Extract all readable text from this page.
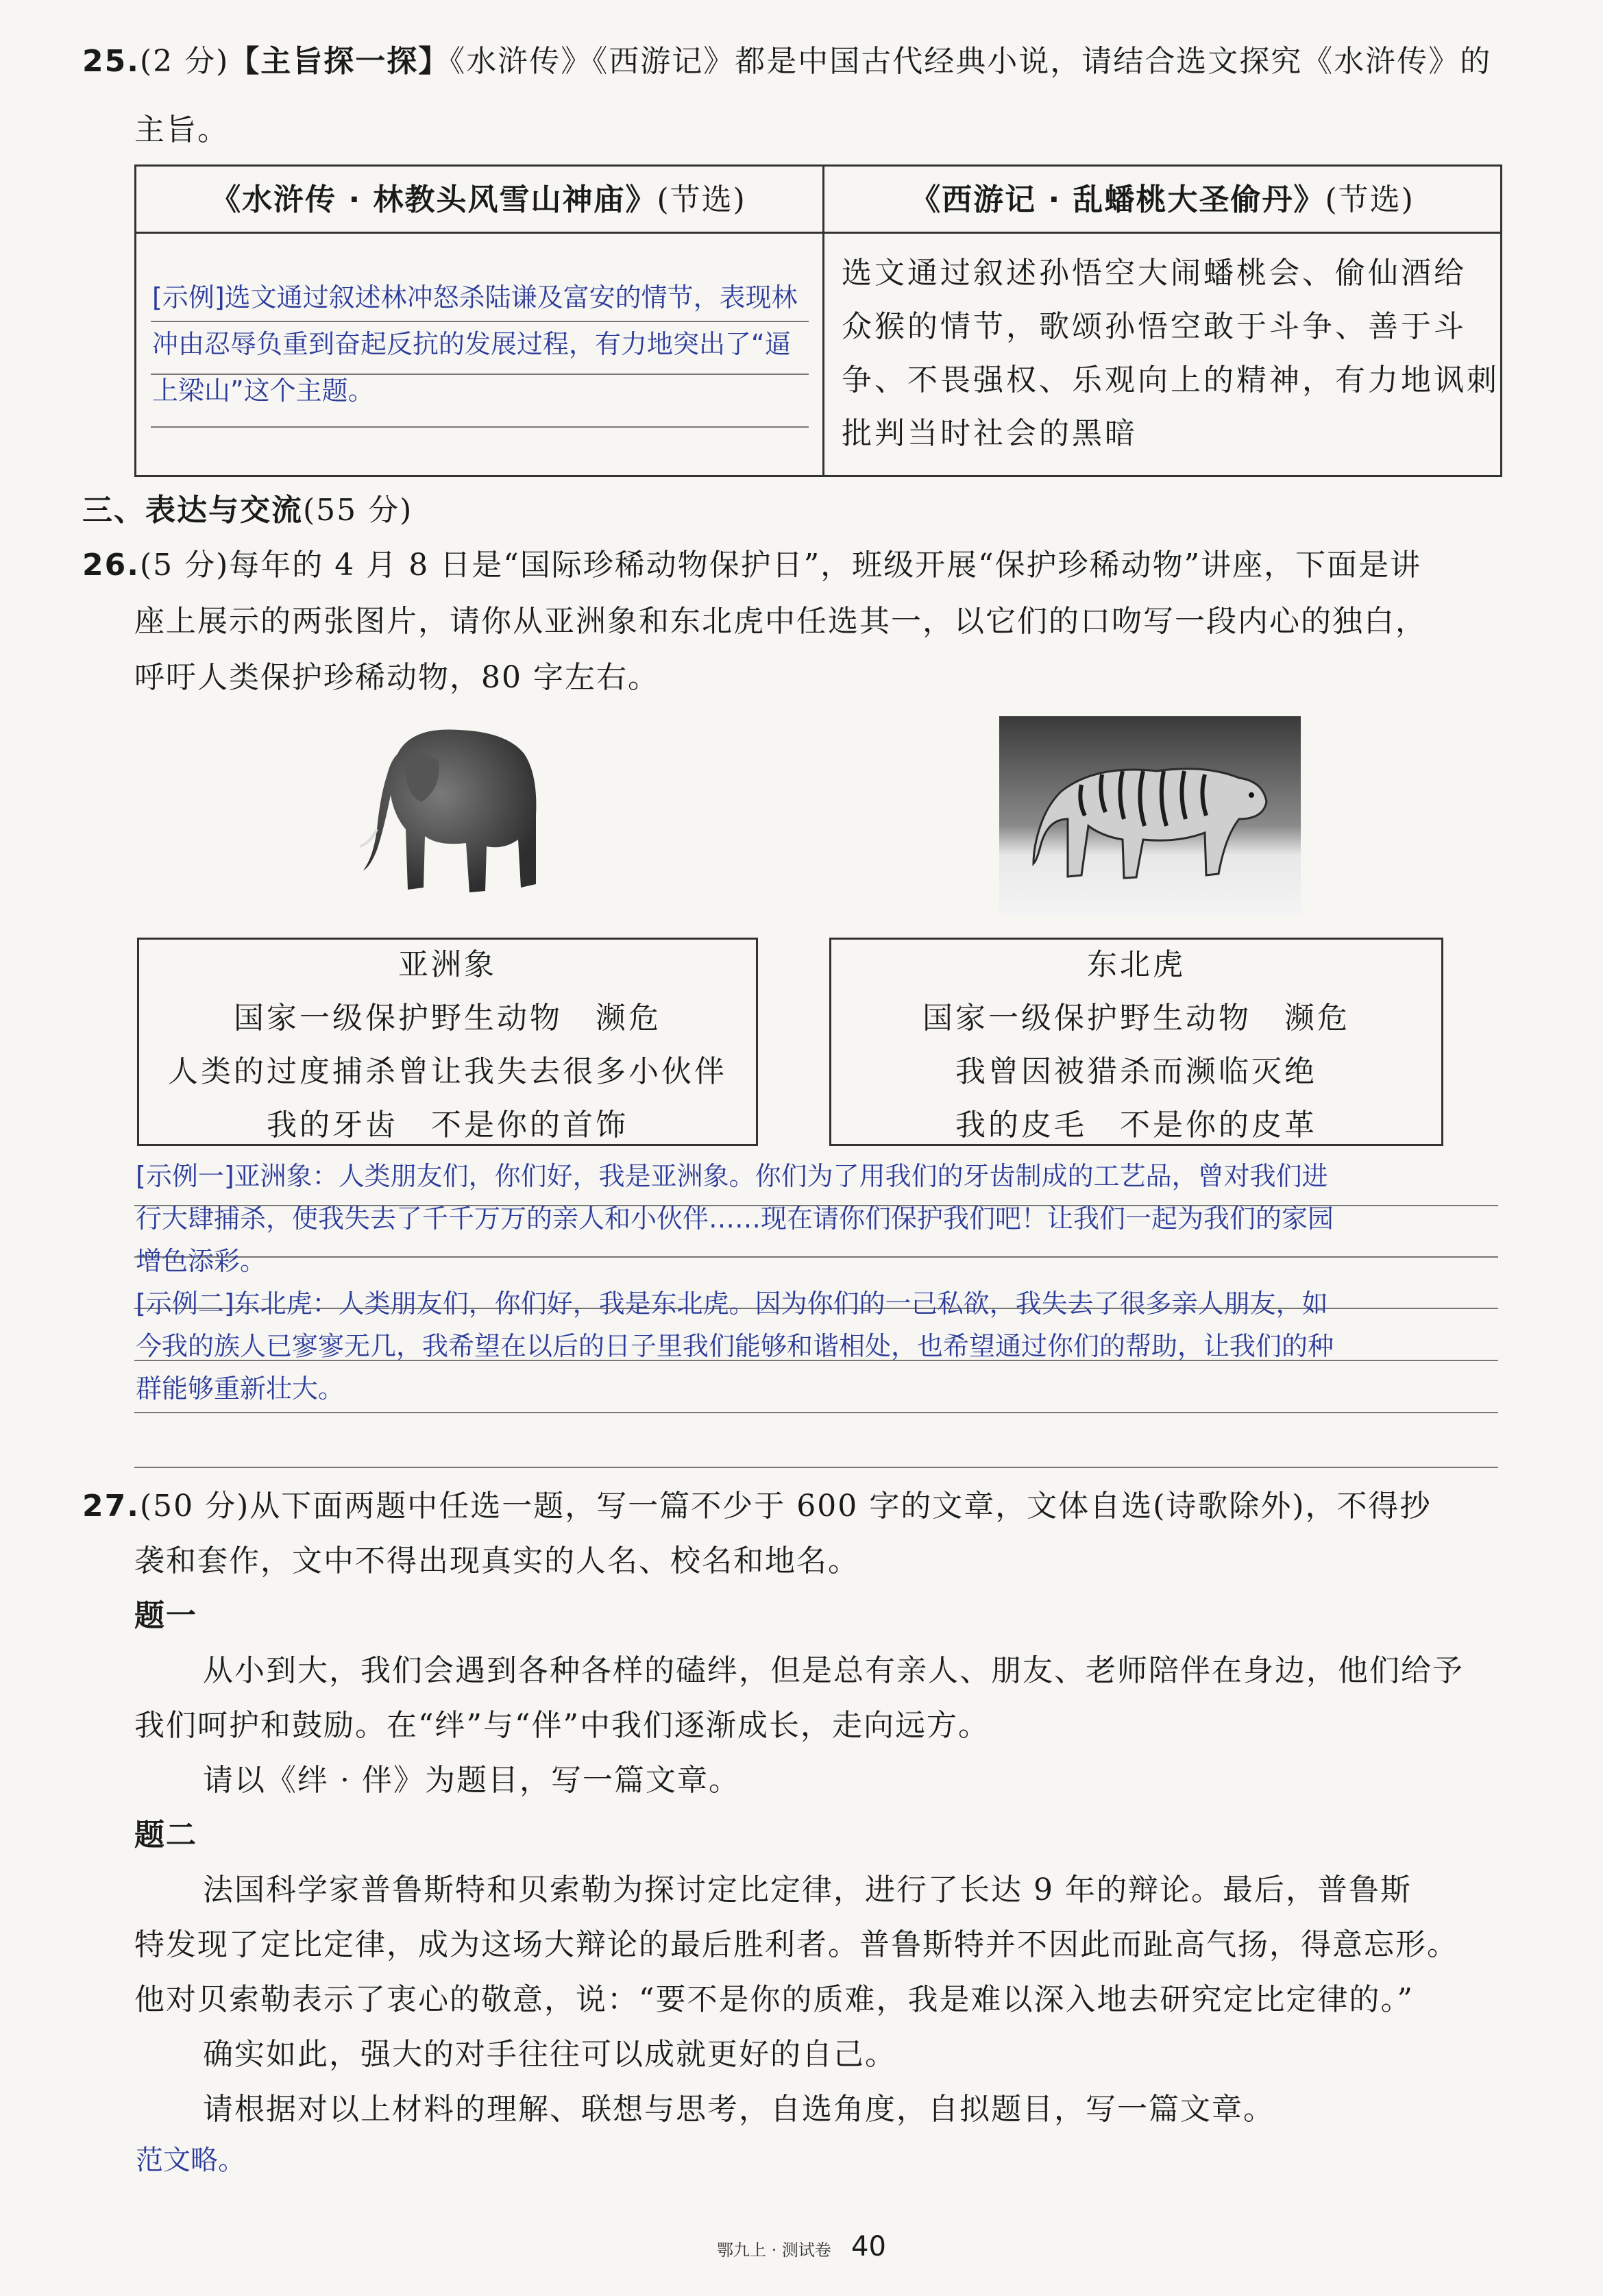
25.(2 分)【主旨探一探】《水浒传》《西游记》都是中国古代经典小说，请结合选文探究《水浒传》的
主旨。
《水浒传 · 林教头风雪山神庙》(节选)	《西游记 · 乱蟠桃大圣偷丹》(节选)
[示例]选文通过叙述林冲怒杀陆谦及富安的情节，表现林冲由忍辱负重到奋起反抗的发展过程，有力地突出了“逼上梁山”这个主题。
选文通过叙述孙悟空大闹蟠桃会、偷仙酒给
众猴的情节，歌颂孙悟空敢于斗争、善于斗
争、不畏强权、乐观向上的精神，有力地讽刺
批判当时社会的黑暗
三、表达与交流(55 分)
26.(5 分)每年的 4 月 8 日是“国际珍稀动物保护日”，班级开展“保护珍稀动物”讲座，下面是讲
座上展示的两张图片，请你从亚洲象和东北虎中任选其一，以它们的口吻写一段内心的独白，
呼吁人类保护珍稀动物，80 字左右。
亚洲象
国家一级保护野生动物　濒危
人类的过度捕杀曾让我失去很多小伙伴
我的牙齿　不是你的首饰
东北虎
国家一级保护野生动物　濒危
我曾因被猎杀而濒临灭绝
我的皮毛　不是你的皮革
[示例一]亚洲象：人类朋友们，你们好，我是亚洲象。你们为了用我们的牙齿制成的工艺品，曾对我们进
行大肆捕杀，使我失去了千千万万的亲人和小伙伴……现在请你们保护我们吧！让我们一起为我们的家园
增色添彩。
[示例二]东北虎：人类朋友们，你们好，我是东北虎。因为你们的一己私欲，我失去了很多亲人朋友，如
今我的族人已寥寥无几，我希望在以后的日子里我们能够和谐相处，也希望通过你们的帮助，让我们的种
群能够重新壮大。
27.(50 分)从下面两题中任选一题，写一篇不少于 600 字的文章，文体自选(诗歌除外)，不得抄
袭和套作，文中不得出现真实的人名、校名和地名。
题一
从小到大，我们会遇到各种各样的磕绊，但是总有亲人、朋友、老师陪伴在身边，他们给予
我们呵护和鼓励。在“绊”与“伴”中我们逐渐成长，走向远方。
请以《绊 · 伴》为题目，写一篇文章。
题二
法国科学家普鲁斯特和贝索勒为探讨定比定律，进行了长达 9 年的辩论。最后，普鲁斯
特发现了定比定律，成为这场大辩论的最后胜利者。普鲁斯特并不因此而趾高气扬，得意忘形。
他对贝索勒表示了衷心的敬意，说：“要不是你的质难，我是难以深入地去研究定比定律的。”
确实如此，强大的对手往往可以成就更好的自己。
请根据对以上材料的理解、联想与思考，自选角度，自拟题目，写一篇文章。
范文略。
鄂九上 · 测试卷 40
